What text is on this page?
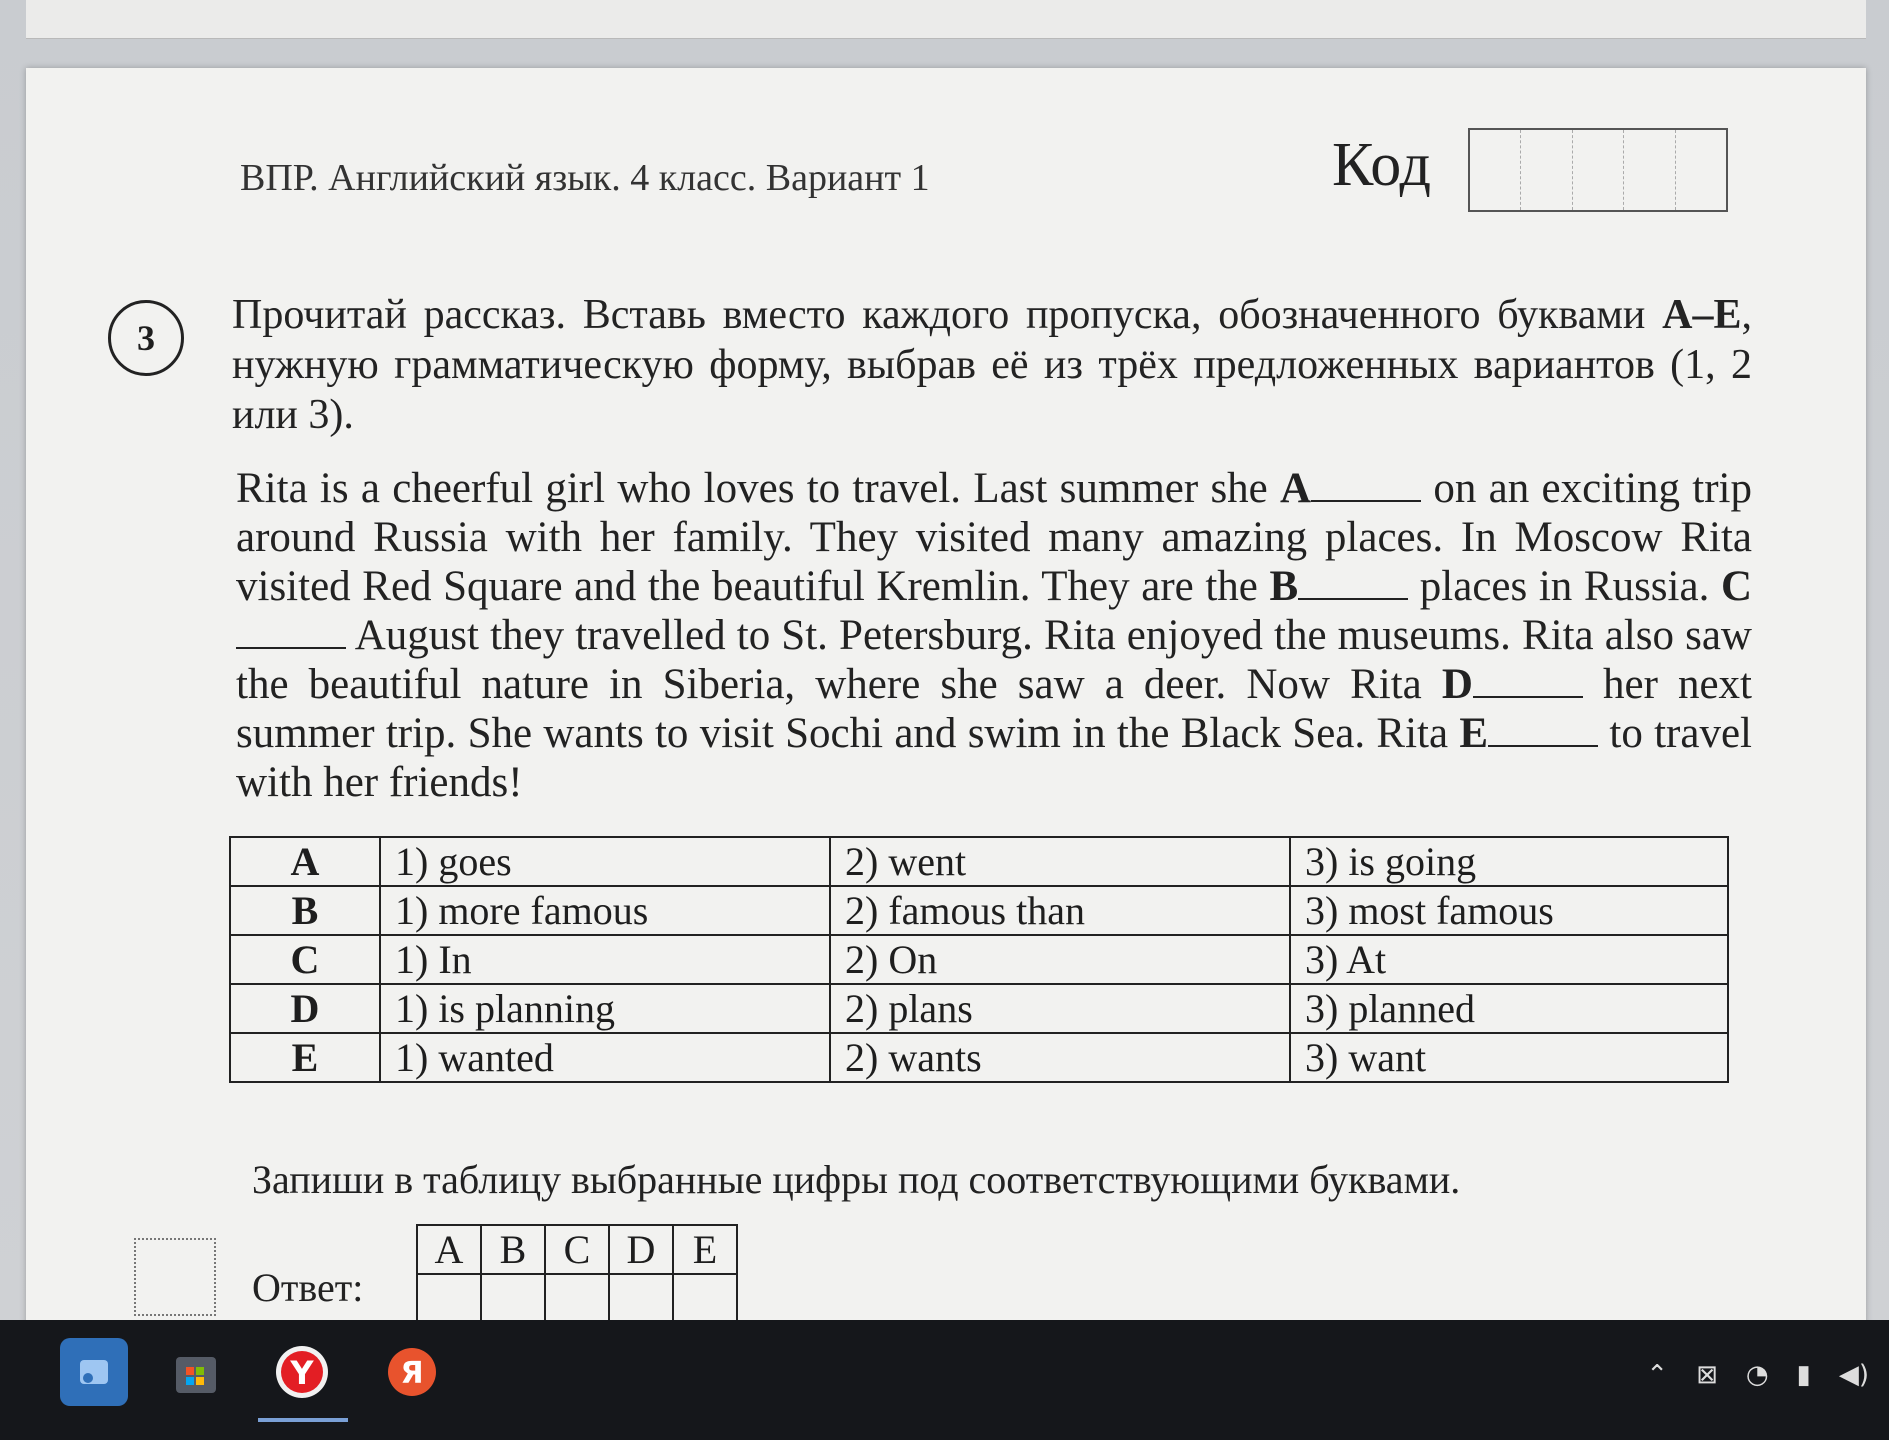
ВПР. Английский язык. 4 класс. Вариант 1	Код
3	Прочитай рассказ. Вставь вместо каждого пропуска, обозначенного буквами A–E, нужную грамматическую форму, выбрав её из трёх предложенных вариантов (1, 2 или 3).
Rita is a cheerful girl who loves to travel. Last summer she A	on an exciting trip around Russia with her family. They visited many amazing places. In Moscow Rita visited Red Square and the beautiful Kremlin. They are the B	places in Russia. C August they travelled to St. Petersburg. Rita enjoyed the museums. Rita also saw the beautiful nature in Siberia, where she saw a deer. Now Rita D	her next summer trip. She wants to visit Sochi and swim in the Black Sea. Rita E	to travel with her friends!
A	1) goes	2) went	3) is going
B	1) more famous	2) famous than	3) most famous
C	1) In	2) On	3) At
D	1) is planning	2) plans	3) planned
E	1) wanted	2) wants	3) want
Запиши в таблицу выбранные цифры под соответствующими буквами.
Ответ:
A	B	C	D	E

Y	Я	⌃ ⊠ ◔ ▮ ◀)
